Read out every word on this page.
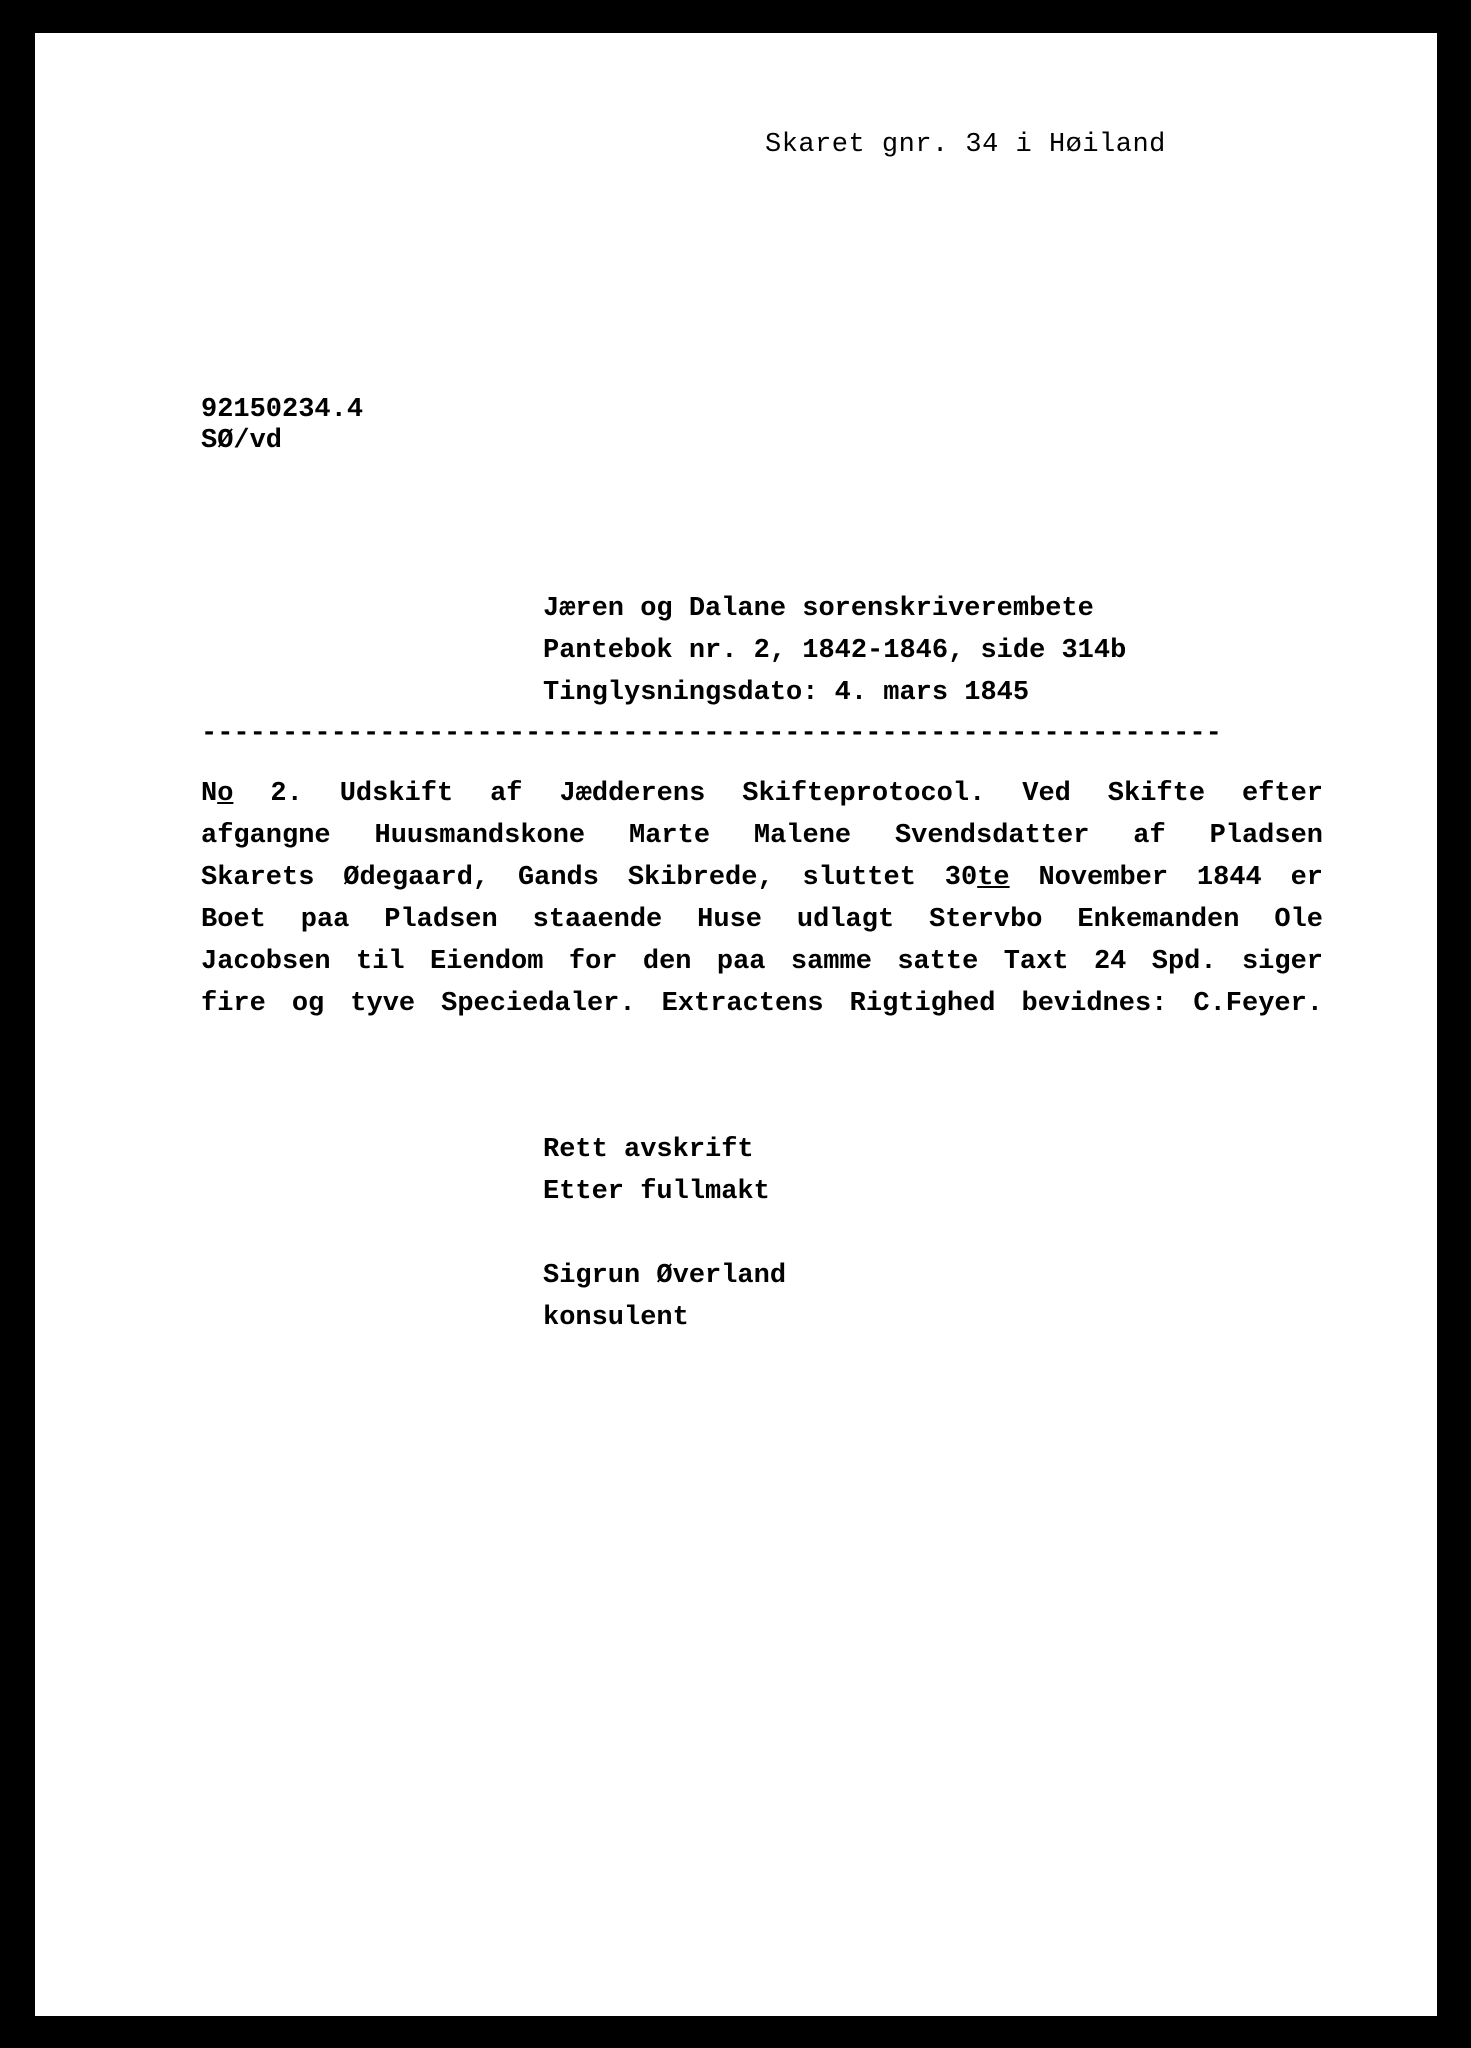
Skaret gnr. 34 i Høiland
92150234.4
SØ/vd
Jæren og Dalane sorenskriverembete
Pantebok nr. 2, 1842-1846, side 314b
Tinglysningsdato: 4. mars 1845
---------------------------------------------------------------
No 2. Udskift af Jædderens Skifteprotocol. Ved Skifte efter
afgangne Huusmandskone Marte Malene Svendsdatter af Pladsen
Skarets Ødegaard, Gands Skibrede, sluttet 30te November 1844 er
Boet paa Pladsen staaende Huse udlagt Stervbo Enkemanden Ole
Jacobsen til Eiendom for den paa samme satte Taxt 24 Spd. siger
fire og tyve Speciedaler. Extractens Rigtighed bevidnes: C.Feyer.
Rett avskrift
Etter fullmakt
Sigrun Øverland
konsulent
